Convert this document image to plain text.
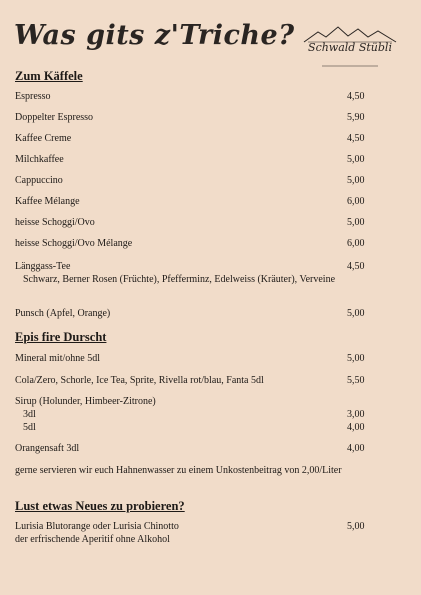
Was gits z'Triche?	Schwald Stübli
Zum Käffele
Espresso	4,50
Doppelter Espresso	5,90
Kaffee Creme	4,50
Milchkaffee	5,00
Cappuccino	5,00
Kaffee Mélange	6,00
heisse Schoggi/Ovo	5,00
heisse Schoggi/Ovo Mélange	6,00
Länggass-Tee	4,50
Schwarz, Berner Rosen (Früchte), Pfefferminz, Edelweiss (Kräuter), Verveine
Punsch (Apfel, Orange)	5,00
Epis fire Durscht
Mineral mit/ohne 5dl	5,00
Cola/Zero, Schorle, Ice Tea, Sprite, Rivella rot/blau, Fanta 5dl	5,50
Sirup (Holunder, Himbeer-Zitrone)
3dl	3,00
5dl	4,00
Orangensaft 3dl	4,00
gerne servieren wir euch Hahnenwasser zu einem Unkostenbeitrag von 2,00/Liter
Lust etwas Neues zu probieren?
Lurisia Blutorange oder Lurisia Chinotto	5,00
der erfrischende Aperitif ohne Alkohol
